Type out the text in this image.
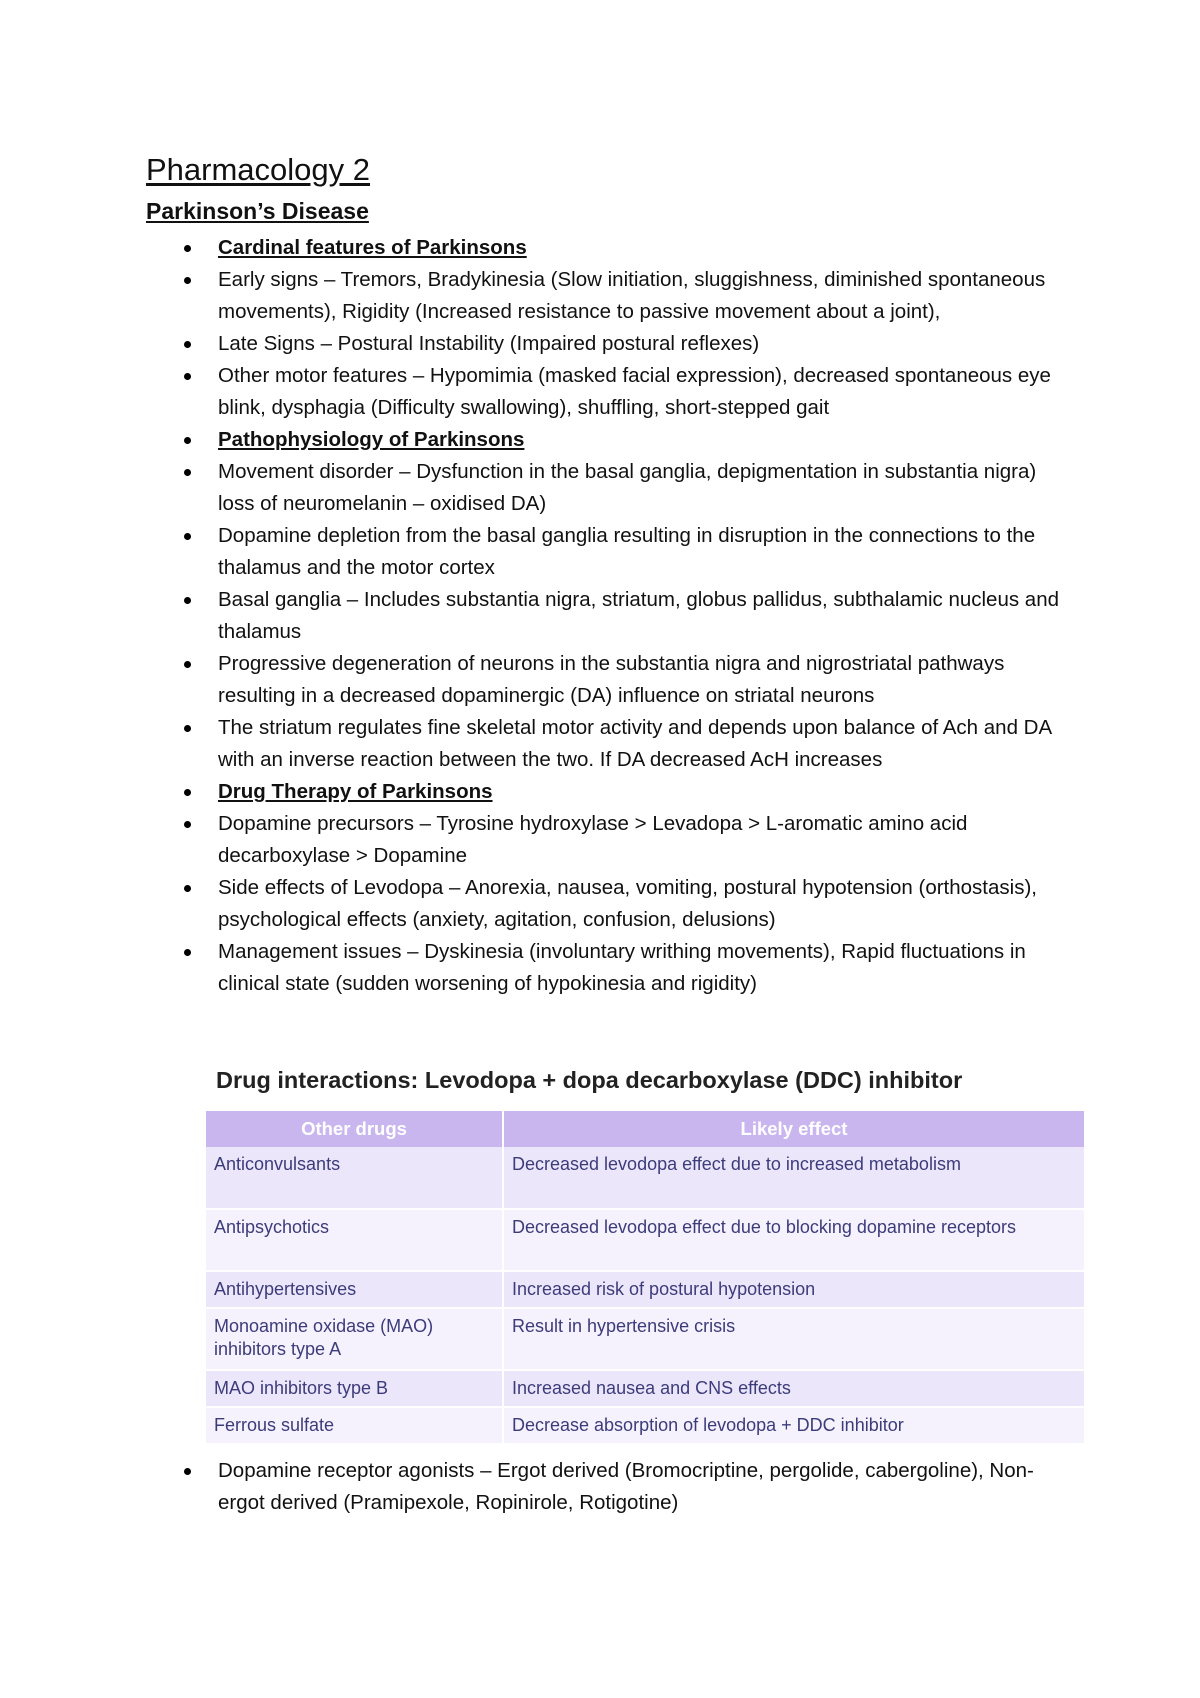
Pharmacology 2
Parkinson’s Disease
Cardinal features of Parkinsons
Early signs – Tremors, Bradykinesia (Slow initiation, sluggishness, diminished spontaneous movements), Rigidity (Increased resistance to passive movement about a joint),
Late Signs – Postural Instability (Impaired postural reflexes)
Other motor features – Hypomimia (masked facial expression), decreased spontaneous eye blink, dysphagia (Difficulty swallowing), shuffling, short-stepped gait
Pathophysiology of Parkinsons
Movement disorder – Dysfunction in the basal ganglia, depigmentation in substantia nigra) loss of neuromelanin – oxidised DA)
Dopamine depletion from the basal ganglia resulting in disruption in the connections to the thalamus and the motor cortex
Basal ganglia – Includes substantia nigra, striatum, globus pallidus, subthalamic nucleus and thalamus
Progressive degeneration of neurons in the substantia nigra and nigrostriatal pathways resulting in a decreased dopaminergic (DA) influence on striatal neurons
The striatum regulates fine skeletal motor activity and depends upon balance of Ach and DA with an inverse reaction between the two. If DA decreased AcH increases
Drug Therapy of Parkinsons
Dopamine precursors – Tyrosine hydroxylase > Levadopa > L-aromatic amino acid decarboxylase > Dopamine
Side effects of Levodopa – Anorexia, nausea, vomiting, postural hypotension (orthostasis), psychological effects (anxiety, agitation, confusion, delusions)
Management issues – Dyskinesia (involuntary writhing movements), Rapid fluctuations in clinical state (sudden worsening of hypokinesia and rigidity)
Drug interactions: Levodopa + dopa decarboxylase (DDC) inhibitor
Other drugs	Likely effect
Anticonvulsants	Decreased levodopa effect due to increased metabolism
Antipsychotics	Decreased levodopa effect due to blocking dopamine receptors
Antihypertensives	Increased risk of postural hypotension
Monoamine oxidase (MAO) inhibitors type A	Result in hypertensive crisis
MAO inhibitors type B	Increased nausea and CNS effects
Ferrous sulfate	Decrease absorption of levodopa + DDC inhibitor
Dopamine receptor agonists – Ergot derived (Bromocriptine, pergolide, cabergoline), Non-ergot derived (Pramipexole, Ropinirole, Rotigotine)
